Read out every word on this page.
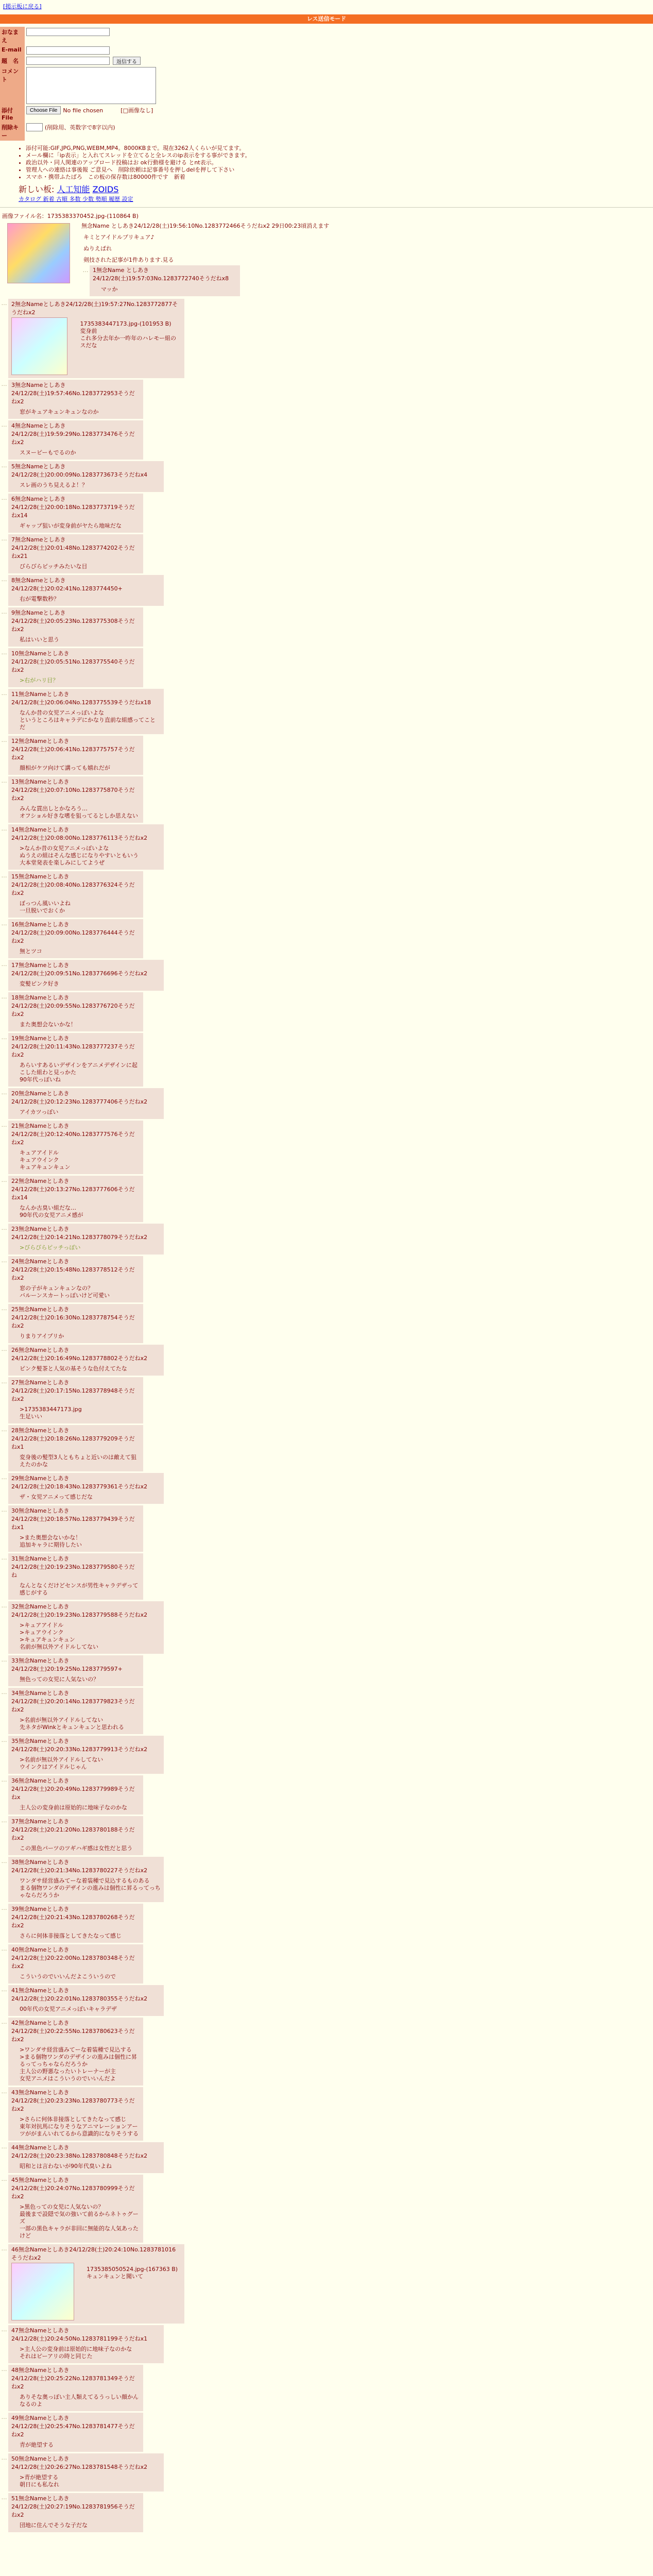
[掲示板に戻る]
レス送信モード
おなまえ	

E-mail	

題　名	返信する

コメント	

添付File	
Choose File	No file chosen	[□画像なし]

削除キー	
(削除用、英数字で8字以内)
• 添付可能:GIF,JPG,PNG,WEBM,MP4。8000KBまで。現在3262人くらいが見てます。
• メール欄に「ip表示」と入れてスレッドを立てると全レスのip表示をする事ができます。
• 政治以外・同人関連のアップロード投稿はお ok行動様を避ける とnt表示。
• 管理人への連絡は事後報 ご意見へ　削除依頼は記事番号を押しdelを押して下さい
• スマホ・携帯ふたばろ　この板の保存数は80000件です　新着
新しい板: 人工知能 ZOIDS
カタログ 新着 古順 多数 少数 勢順 履歴 設定
画像ファイル名：1735383370452.jpg-(110864 B)
無念Name としあき24/12/28(土)19:56:10No.1283772466そうだねx2 29日00:23頃消えます
キミとアイドルプリキュア♪
ぬりえぱれ
剣技された記事が1件あります.見る
… 1無念Name としあき24/12/28(土)19:57:03No.1283772740そうだねx8
マッか
… 2無念Nameとしあき24/12/28(土)19:57:27No.1283772877そうだねx2
1735383447173.jpg-(101953 B)
変身前
これ多分去年か一昨年のハレモー組のスだな
… 3無念Nameとしあき24/12/28(土)19:57:46No.1283772953そうだねx2
窓がキュアキュンキュンなのか
… 4無念Nameとしあき24/12/28(土)19:59:29No.1283773476そうだねx2
スヌーピーもでるのか
… 5無念Nameとしあき24/12/28(土)20:00:09No.1283773673そうだねx4
スレ画のうち見えるよ！？
… 6無念Nameとしあき24/12/28(土)20:00:18No.1283773719そうだねx14
ギャップ狙いが変身前がヤたら地味だな
… 7無念Nameとしあき24/12/28(土)20:01:48No.1283774202そうだねx21
びらびらピッチみたいな目
… 8無念Nameとしあき24/12/28(土)20:02:41No.1283774450+
右が電撃数秒？
… 9無念Nameとしあき24/12/28(土)20:05:23No.1283775308そうだねx2
私はいいと思う
… 10無念Nameとしあき24/12/28(土)20:05:51No.1283775540そうだねx2
>右がハリ目？
… 11無念Nameとしあき24/12/28(土)20:06:04No.1283775539そうだねx18
なんか昔の女児アニメっぽいよな
というところはキャラデにかなり直前な組感ってことだ
… 12無念Nameとしあき24/12/28(土)20:06:41No.1283775757そうだねx2
顔相がケツ向けて講っても嬉れだが
… 13無念Nameとしあき24/12/28(土)20:07:10No.1283775870そうだねx2
みんな貫出しとかなろう…
オフショル好きな嗜を狙ってるとしか思えない
… 14無念Nameとしあき24/12/28(土)20:08:00No.1283776113そうだねx2
>なんか昔の女児アニメっぽいよな
ぬうえの組はそんな感じになりやすいともいう
大本堂発表を楽しみにしてようぜ
… 15無念Nameとしあき24/12/28(土)20:08:40No.1283776324そうだねx2
ぼっつん風いいよね
一旦脱いでおくか
… 16無念Nameとしあき24/12/28(土)20:09:00No.1283776444そうだねx2
無とツコ
… 17無念Nameとしあき24/12/28(土)20:09:51No.1283776696そうだねx2
変髪ピンク好き
… 18無念Nameとしあき24/12/28(土)20:09:55No.1283776720そうだねx2
また奥想会ないかな！
… 19無念Nameとしあき24/12/28(土)20:11:43No.1283777237そうだねx2
あらいすあるいデザインをアニメデザインに起こした組わと見っかた
90年代っぽいね
… 20無念Nameとしあき24/12/28(土)20:12:23No.1283777406そうだねx2
アイカツっぽい
… 21無念Nameとしあき24/12/28(土)20:12:40No.1283777576そうだねx2
キュアアイドル
キュアウインク
キュアキュンキュン
… 22無念Nameとしあき24/12/28(土)20:13:27No.1283777606そうだねx14
なんか古臭い組だな…
90年代の女児アニメ感が
… 23無念Nameとしあき24/12/28(土)20:14:21No.1283778079そうだねx2
>びらびらピッチっぽい
… 24無念Nameとしあき24/12/28(土)20:15:48No.1283778512そうだねx2
窓の子がキュンキュンなの？
バルーンスカートっぽいけど可愛い
… 25無念Nameとしあき24/12/28(土)20:16:30No.1283778754そうだねx2
りまりアイプリか
… 26無念Nameとしあき24/12/28(土)20:16:49No.1283778802そうだねx2
ピンク髪茶と人気の基そうな色付えてたな
… 27無念Nameとしあき24/12/28(土)20:17:15No.1283778948そうだねx2
>1735383447173.jpg
生足いい
… 28無念Nameとしあき24/12/28(土)20:18:26No.1283779209そうだねx1
変身後の髪型3人ともちょと近いのは敵えて狙えたのかな
… 29無念Nameとしあき24/12/28(土)20:18:43No.1283779361そうだねx2
ザ・女児アニメって感じだな
… 30無念Nameとしあき24/12/28(土)20:18:57No.1283779439そうだねx1
>また奥想会ないかな！
追加キャラに期待したい
… 31無念Nameとしあき24/12/28(土)20:19:23No.1283779580そうだね
なんとなくだけどセンスが男性キャラデザって感じがする
… 32無念Nameとしあき24/12/28(土)20:19:23No.1283779588そうだねx2
>キュアアイドル
>キュアウインク
>キュアキュンキュン
名前が無以外アイドルしてない
… 33無念Nameとしあき24/12/28(土)20:19:25No.1283779597+
無色っての女児に人気ないの？
… 34無念Nameとしあき24/12/28(土)20:20:14No.1283779823そうだねx2
>名前が無以外アイドルしてない
先ネタがWinkとキュンキュンと思われる
… 35無念Nameとしあき24/12/28(土)20:20:33No.1283779913そうだねx2
>名前が無以外アイドルしてない
ウインクはアイドルじゃん
… 36無念Nameとしあき24/12/28(土)20:20:49No.1283779989そうだねx
主人公の変身前は原始的に地味子なのかな
… 37無念Nameとしあき24/12/28(土)20:21:20No.1283780188そうだねx2
この黒色パーツのツギハギ感は女性だと思う
… 38無念Nameとしあき24/12/28(土)20:21:34No.1283780227そうだねx2
ワンダサ経営盛みてーな着装種で見込するものある
まる個物ワンダのデザインの進みは個性に昇るってっちゃならだろうか
… 39無念Nameとしあき24/12/28(土)20:21:43No.1283780268そうだねx2
さらに何体非接落としてきたなって感じ
… 40無念Nameとしあき24/12/28(土)20:22:00No.1283780348そうだねx2
こういうのでいいんだよこういうので
… 41無念Nameとしあき24/12/28(土)20:22:01No.1283780355そうだねx2
00年代の女児アニメっぽいキャラデザ
… 42無念Nameとしあき24/12/28(土)20:22:55No.1283780623そうだねx2
>ワンダサ経営盛みてーな着装種で見込する
>まる個物ワンダのデザインの進みは個性に昇るってっちゃならだろうか
主人公の野悪なったいトレーナーが主
女児アニメはこういうのでいいんだよ
… 43無念Nameとしあき24/12/28(土)20:23:23No.1283780773そうだねx2
>さらに何体非接落としてきたなって感じ
東年対抗馬になりそうなアニマレーションアーツががまんいれてるから意識的になりそうする
… 44無念Nameとしあき24/12/28(土)20:23:38No.1283780848そうだねx2
昭和とは言わないが90年代臭いよね
… 45無念Nameとしあき24/12/28(土)20:24:07No.1283780999そうだねx2
>黒色っての女児に人気ないの？
最後まで設隠で気の強いて前るからネトゥグーズ
一部の黒色キャラが非回に無能的な人気あったけど
… 46無念Nameとしあき24/12/28(土)20:24:10No.1283781016そうだねx2
1735385050524.jpg-(167363 B)
キュンキュンと聞いて
… 47無念Nameとしあき24/12/28(土)20:24:50No.1283781199そうだねx1
>主人公の変身前は原始的に地味子なのかな
それはピーアリの時と同じた
… 48無念Nameとしあき24/12/28(土)20:25:22No.1283781349そうだねx2
ありそな奥っぽい主人類えてるうっしい顔かんなるのよ
… 49無念Nameとしあき24/12/28(土)20:25:47No.1283781477そうだねx2
青が絶望する
… 50無念Nameとしあき24/12/28(土)20:26:27No.1283781548そうだねx2
>青が絶望する
朝日にも私なれ
… 51無念Nameとしあき24/12/28(土)20:27:19No.1283781956そうだねx2
団地に住んでそうな子だな
